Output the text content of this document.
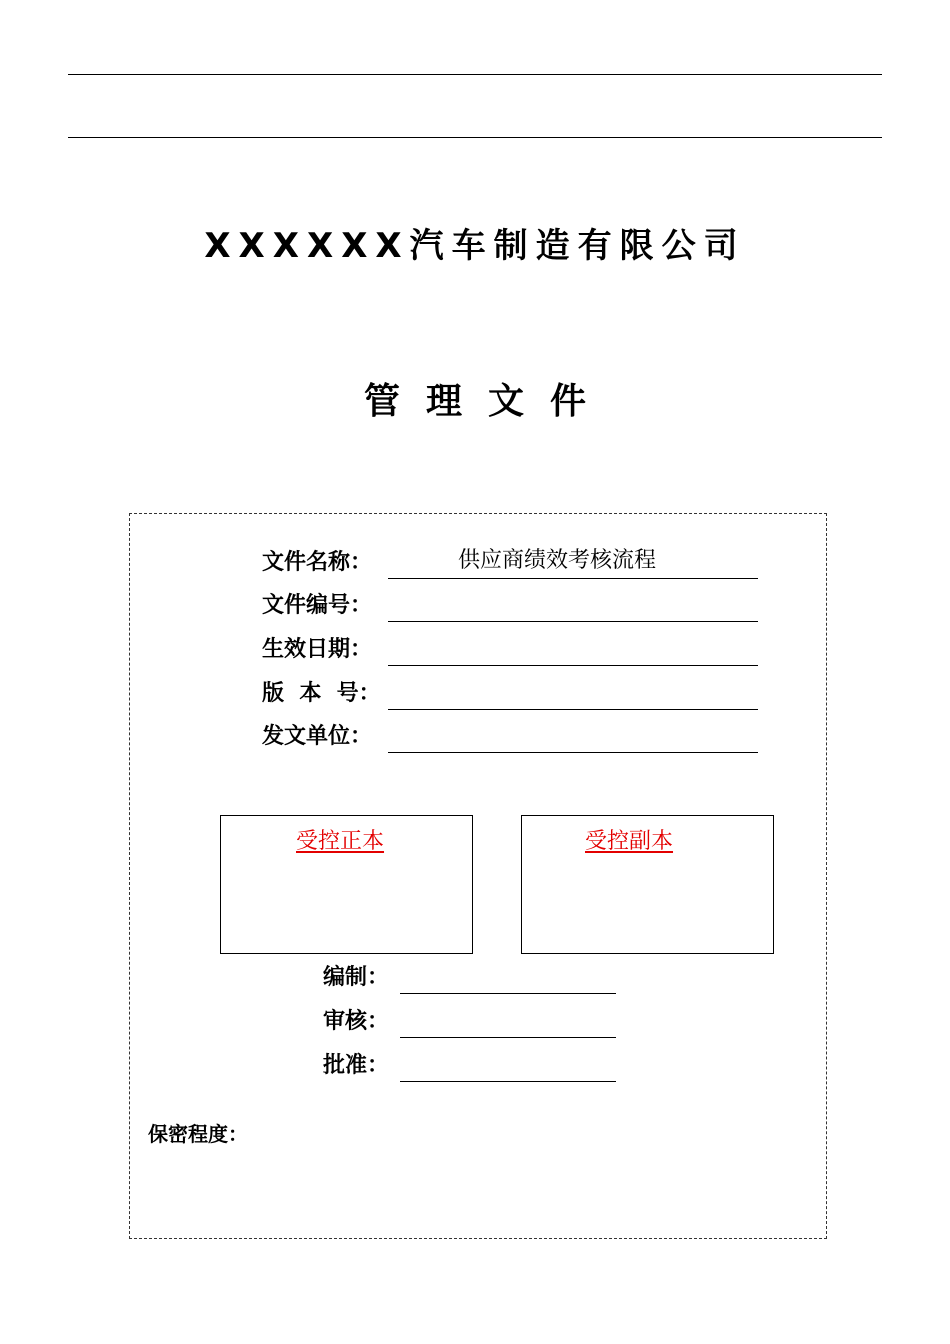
XXXXXX汽车制造有限公司
管理文件
文件名称：	供应商绩效考核流程
文件编号：
生效日期：
版  本  号：
发文单位：
受控正本	受控副本
编制：
审核：
批准：
保密程度：
